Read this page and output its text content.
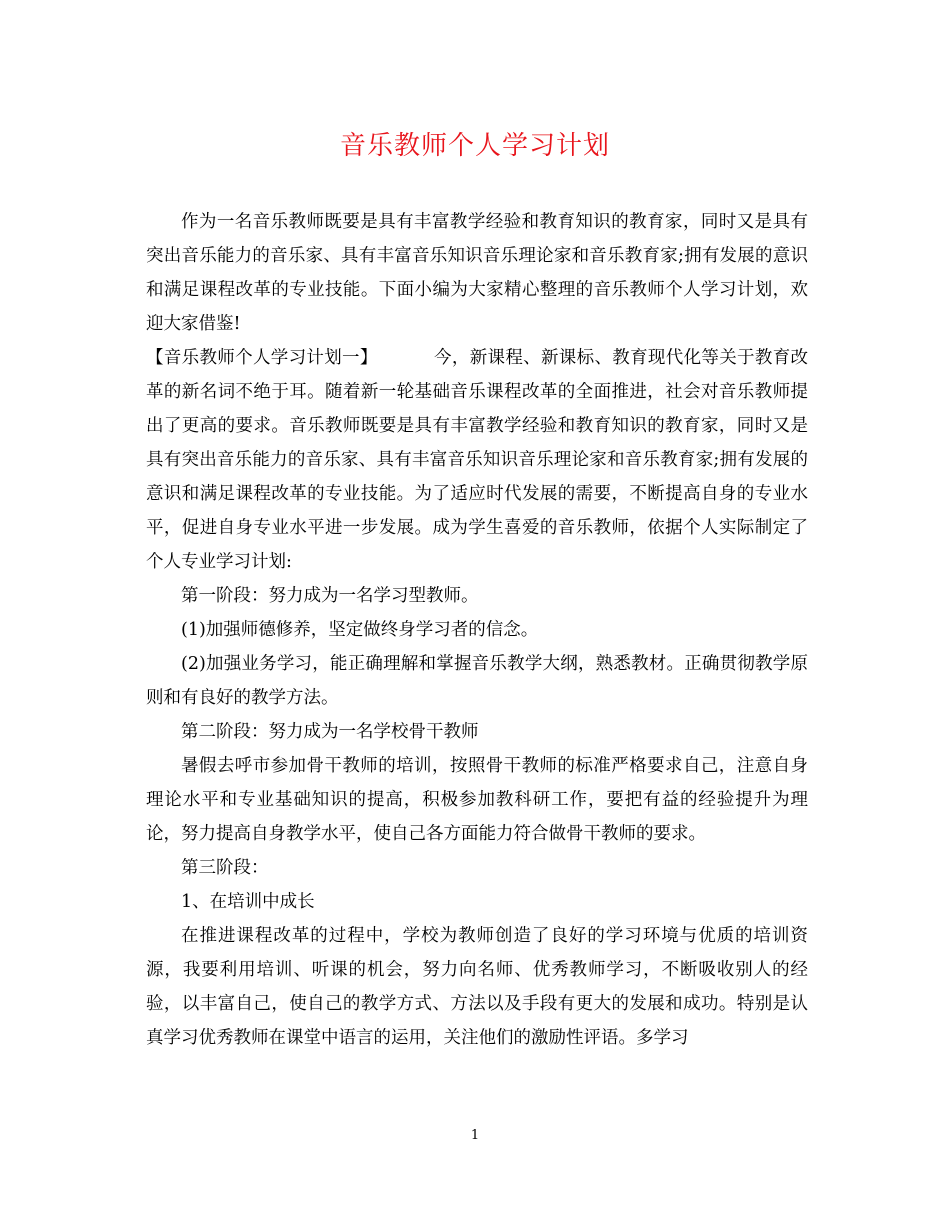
音乐教师个人学习计划

作为一名音乐教师既要是具有丰富教学经验和教育知识的教育家，同时又是具有突出音乐能力的音乐家、具有丰富音乐知识音乐理论家和音乐教育家;拥有发展的意识和满足课程改革的专业技能。下面小编为大家精心整理的音乐教师个人学习计划，欢迎大家借鉴!

【音乐教师个人学习计划一】	今，新课程、新课标、教育现代化等关于教育改革的新名词不绝于耳。随着新一轮基础音乐课程改革的全面推进，社会对音乐教师提出了更高的要求。音乐教师既要是具有丰富教学经验和教育知识的教育家，同时又是具有突出音乐能力的音乐家、具有丰富音乐知识音乐理论家和音乐教育家;拥有发展的意识和满足课程改革的专业技能。为了适应时代发展的需要，不断提高自身的专业水平，促进自身专业水平进一步发展。成为学生喜爱的音乐教师，依据个人实际制定了个人专业学习计划:

第一阶段：努力成为一名学习型教师。

(1)加强师德修养，坚定做终身学习者的信念。

(2)加强业务学习，能正确理解和掌握音乐教学大纲，熟悉教材。正确贯彻教学原则和有良好的教学方法。

第二阶段：努力成为一名学校骨干教师

暑假去呼市参加骨干教师的培训，按照骨干教师的标准严格要求自己，注意自身理论水平和专业基础知识的提高，积极参加教科研工作，要把有益的经验提升为理论，努力提高自身教学水平，使自己各方面能力符合做骨干教师的要求。

第三阶段：

1、在培训中成长

在推进课程改革的过程中，学校为教师创造了良好的学习环境与优质的培训资源，我要利用培训、听课的机会，努力向名师、优秀教师学习，不断吸收别人的经验，以丰富自己，使自己的教学方式、方法以及手段有更大的发展和成功。特别是认真学习优秀教师在课堂中语言的运用，关注他们的激励性评语。多学习

1
